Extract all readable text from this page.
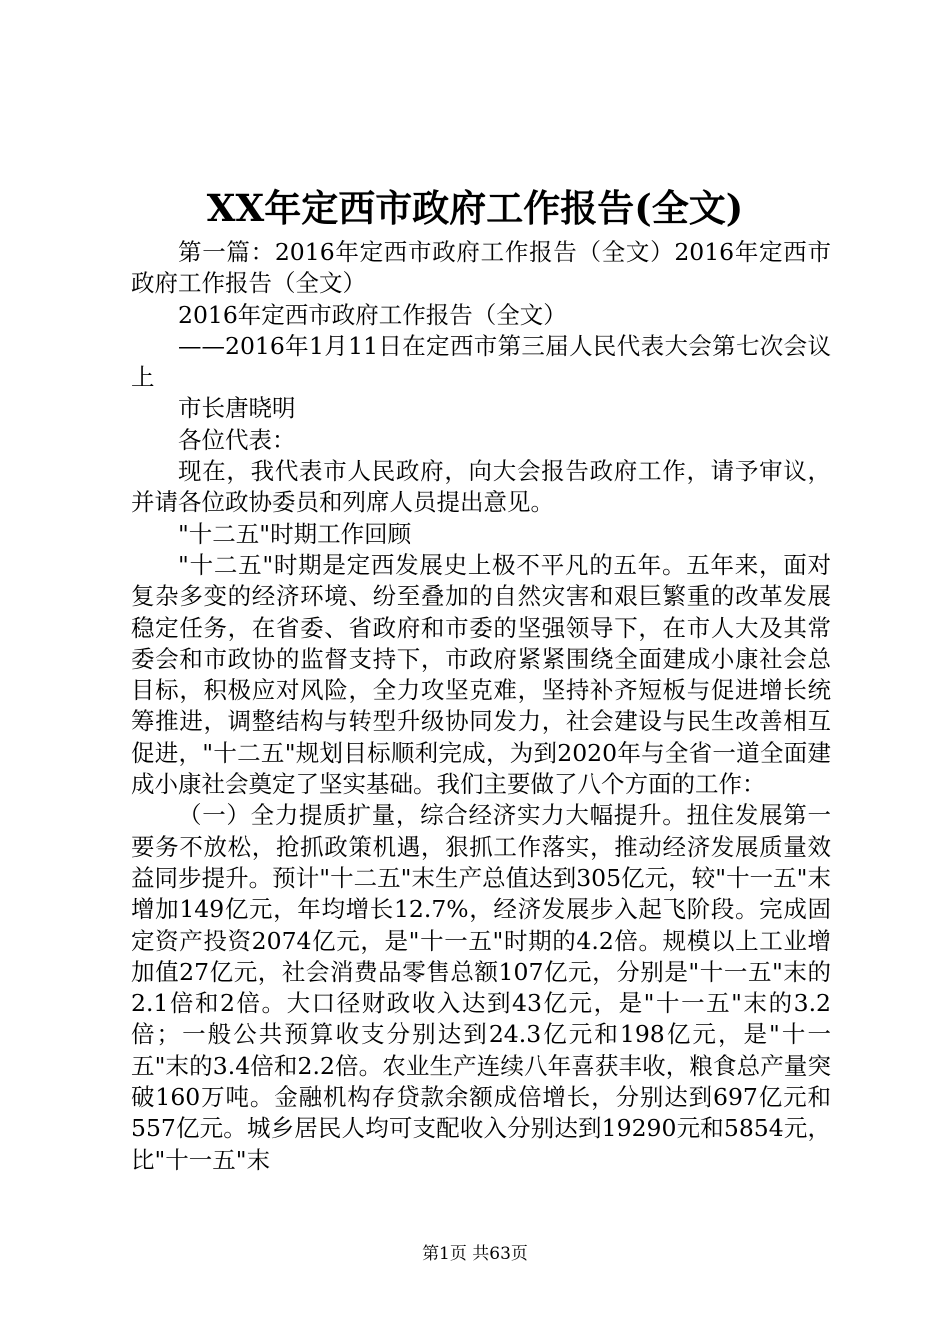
XX年定西市政府工作报告(全文)

第一篇：2016年定西市政府工作报告（全文）2016年定西市政府工作报告（全文）

2016年定西市政府工作报告（全文）

——2016年1月11日在定西市第三届人民代表大会第七次会议上

市长唐晓明

各位代表：

现在，我代表市人民政府，向大会报告政府工作，请予审议，并请各位政协委员和列席人员提出意见。

"十二五"时期工作回顾

"十二五"时期是定西发展史上极不平凡的五年。五年来，面对复杂多变的经济环境、纷至叠加的自然灾害和艰巨繁重的改革发展稳定任务，在省委、省政府和市委的坚强领导下，在市人大及其常委会和市政协的监督支持下，市政府紧紧围绕全面建成小康社会总目标，积极应对风险，全力攻坚克难，坚持补齐短板与促进增长统筹推进，调整结构与转型升级协同发力，社会建设与民生改善相互促进，"十二五"规划目标顺利完成，为到2020年与全省一道全面建成小康社会奠定了坚实基础。我们主要做了八个方面的工作：

（一）全力提质扩量，综合经济实力大幅提升。扭住发展第一要务不放松，抢抓政策机遇，狠抓工作落实，推动经济发展质量效益同步提升。预计"十二五"末生产总值达到305亿元，较"十一五"末增加149亿元，年均增长12.7%，经济发展步入起飞阶段。完成固定资产投资2074亿元，是"十一五"时期的4.2倍。规模以上工业增加值27亿元，社会消费品零售总额107亿元，分别是"十一五"末的2.1倍和2倍。大口径财政收入达到43亿元，是"十一五"末的3.2倍；一般公共预算收支分别达到24.3亿元和198亿元，是"十一五"末的3.4倍和2.2倍。农业生产连续八年喜获丰收，粮食总产量突破160万吨。金融机构存贷款余额成倍增长，分别达到697亿元和557亿元。城乡居民人均可支配收入分别达到19290元和5854元，比"十一五"末

第1页 共63页
